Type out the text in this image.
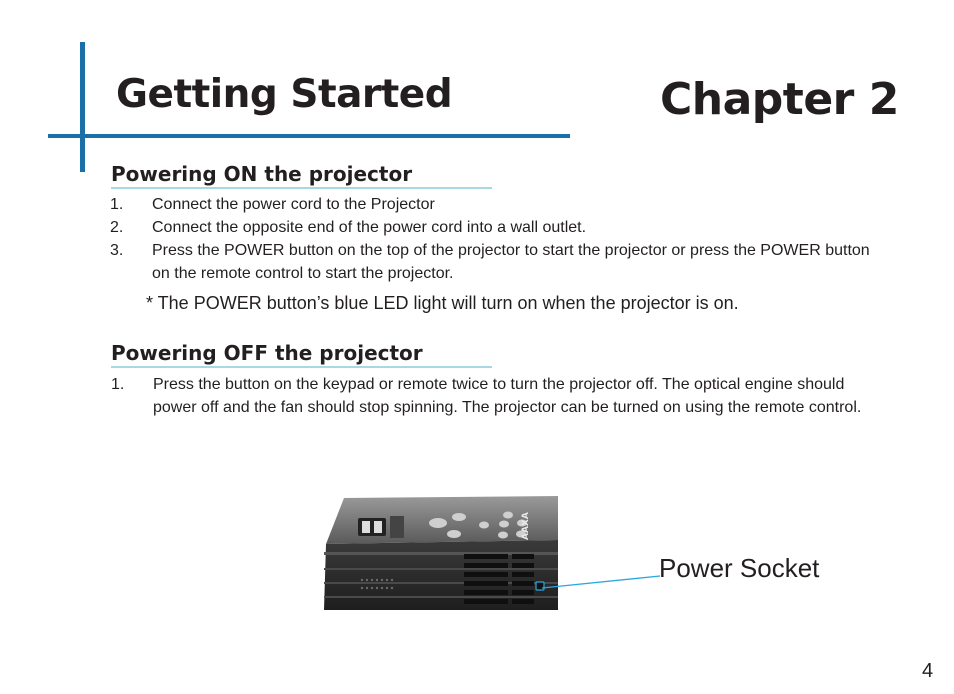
Getting Started	Chapter 2
Powering ON the projector
1. Connect the power cord to the Projector
2. Connect the opposite end of the power cord into a wall outlet.
3. Press the POWER button on the top of the projector to start the projector or press the POWER button on the remote control to start the projector.

* The POWER button’s blue LED light will turn on when the projector is on.

Powering OFF the projector
1. Press the button on the keypad or remote twice to turn the projector off. The optical engine should power off and the fan should stop spinning. The projector can be turned on using the remote control.
AAXA

Power Socket

4
